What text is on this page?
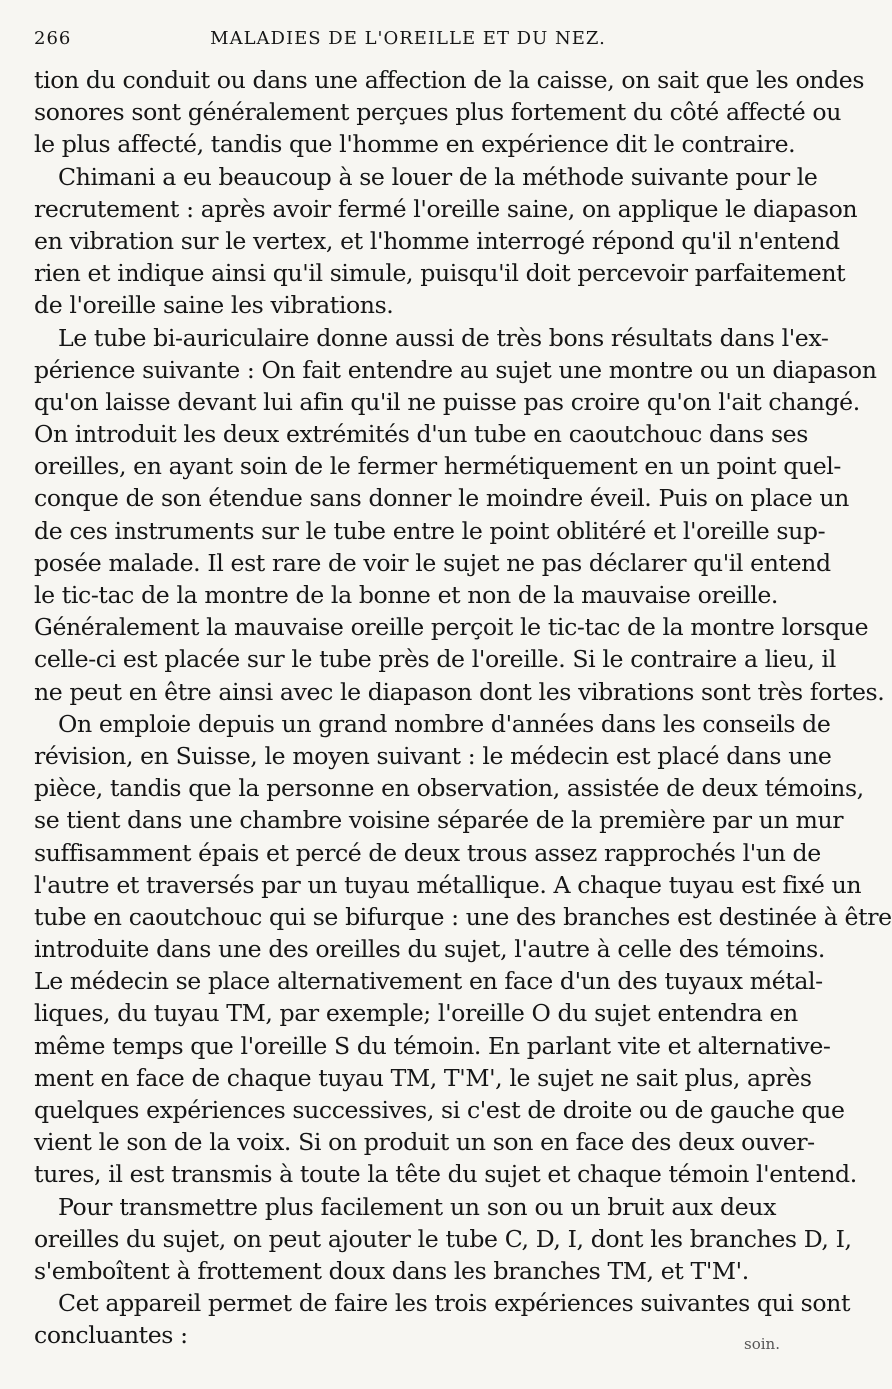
266	MALADIES DE L'OREILLE ET DU NEZ.
tion du conduit ou dans une affection de la caisse, on sait que les ondes
sonores sont généralement perçues plus fortement du côté affecté ou
le plus affecté, tandis que l'homme en expérience dit le contraire.
Chimani a eu beaucoup à se louer de la méthode suivante pour le
recrutement : après avoir fermé l'oreille saine, on applique le diapason
en vibration sur le vertex, et l'homme interrogé répond qu'il n'entend
rien et indique ainsi qu'il simule, puisqu'il doit percevoir parfaitement
de l'oreille saine les vibrations.
Le tube bi-auriculaire donne aussi de très bons résultats dans l'ex-
périence suivante : On fait entendre au sujet une montre ou un diapason
qu'on laisse devant lui afin qu'il ne puisse pas croire qu'on l'ait changé.
On introduit les deux extrémités d'un tube en caoutchouc dans ses
oreilles, en ayant soin de le fermer hermétiquement en un point quel-
conque de son étendue sans donner le moindre éveil. Puis on place un
de ces instruments sur le tube entre le point oblitéré et l'oreille sup-
posée malade. Il est rare de voir le sujet ne pas déclarer qu'il entend
le tic-tac de la montre de la bonne et non de la mauvaise oreille.
Généralement la mauvaise oreille perçoit le tic-tac de la montre lorsque
celle-ci est placée sur le tube près de l'oreille. Si le contraire a lieu, il
ne peut en être ainsi avec le diapason dont les vibrations sont très fortes.
On emploie depuis un grand nombre d'années dans les conseils de
révision, en Suisse, le moyen suivant : le médecin est placé dans une
pièce, tandis que la personne en observation, assistée de deux témoins,
se tient dans une chambre voisine séparée de la première par un mur
suffisamment épais et percé de deux trous assez rapprochés l'un de
l'autre et traversés par un tuyau métallique. A chaque tuyau est fixé un
tube en caoutchouc qui se bifurque : une des branches est destinée à être
introduite dans une des oreilles du sujet, l'autre à celle des témoins.
Le médecin se place alternativement en face d'un des tuyaux métal-
liques, du tuyau TM, par exemple; l'oreille O du sujet entendra en
même temps que l'oreille S du témoin. En parlant vite et alternative-
ment en face de chaque tuyau TM, T'M', le sujet ne sait plus, après
quelques expériences successives, si c'est de droite ou de gauche que
vient le son de la voix. Si on produit un son en face des deux ouver-
tures, il est transmis à toute la tête du sujet et chaque témoin l'entend.
Pour transmettre plus facilement un son ou un bruit aux deux
oreilles du sujet, on peut ajouter le tube C, D, I, dont les branches D, I,
s'emboîtent à frottement doux dans les branches TM, et T'M'.
Cet appareil permet de faire les trois expériences suivantes qui sont
concluantes :	soin.
